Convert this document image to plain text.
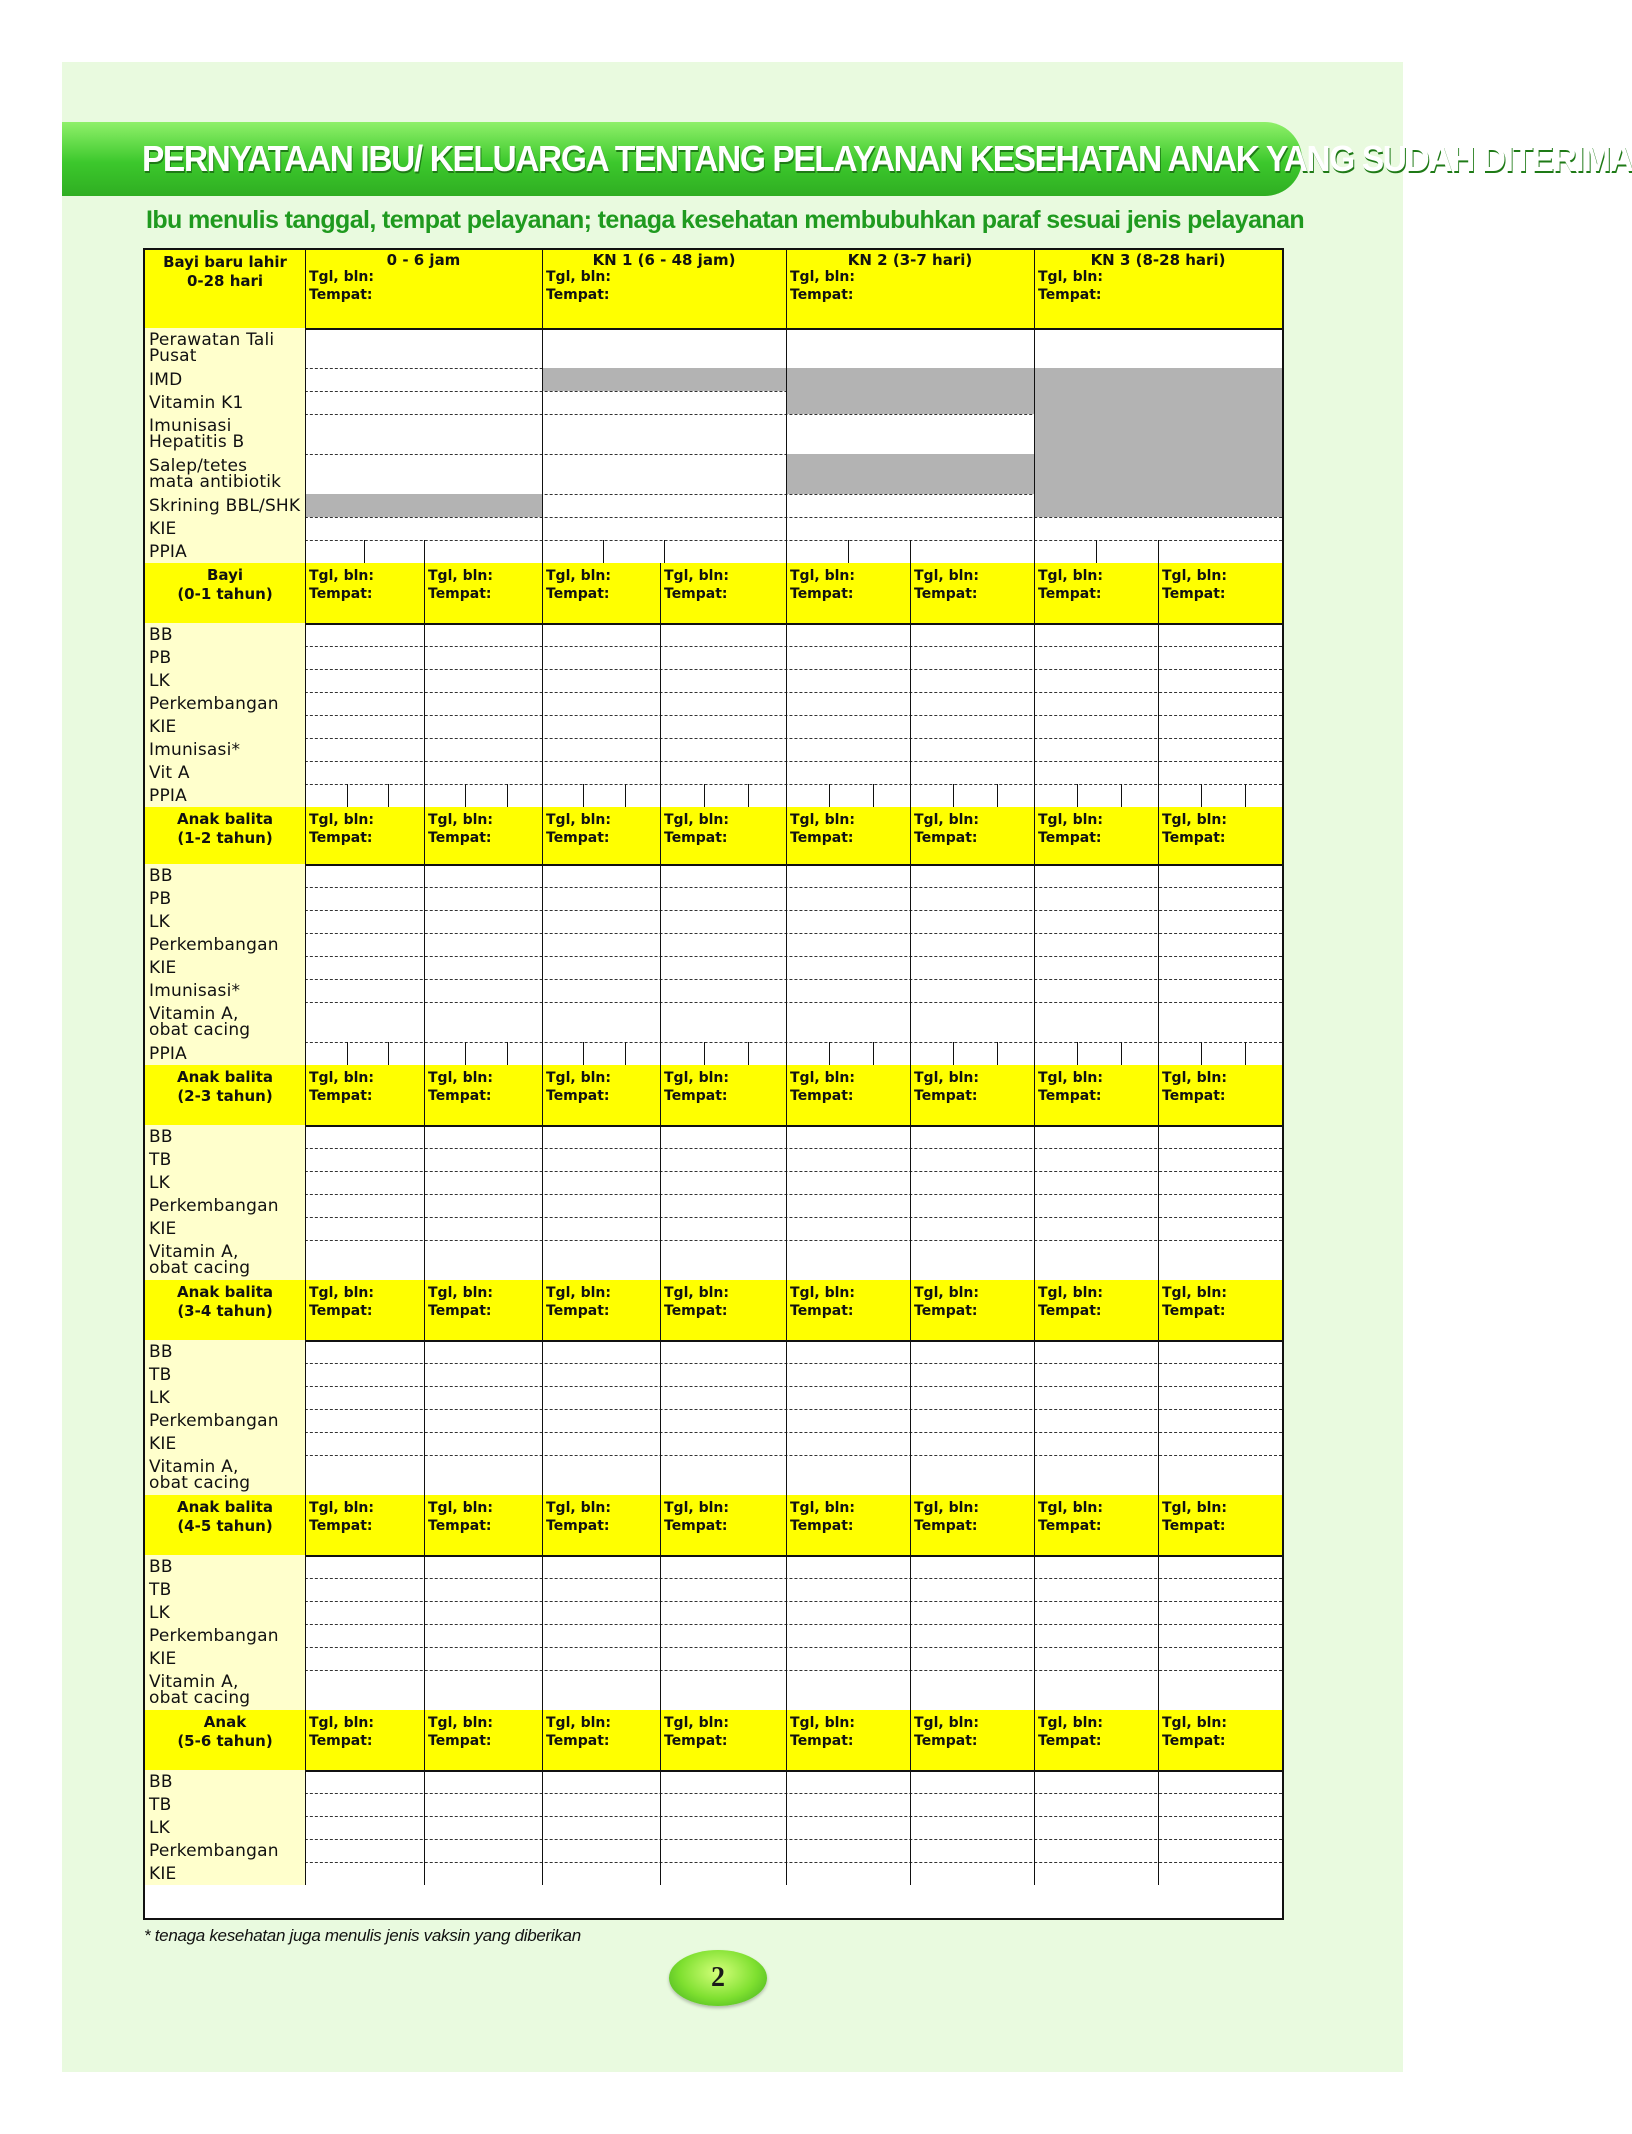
PERNYATAAN IBU/ KELUARGA TENTANG PELAYANAN KESEHATAN ANAK YANG SUDAH DITERIMA
Ibu menulis tanggal, tempat pelayanan; tenaga kesehatan membubuhkan paraf sesuai jenis pelayanan
Bayi baru lahir
0-28 hari
0 - 6 jam
Tgl, bln:
Tempat:
KN 1 (6 - 48 jam)
Tgl, bln:
Tempat:
KN 2 (3-7 hari)
Tgl, bln:
Tempat:
KN 3 (8-28 hari)
Tgl, bln:
Tempat:
Perawatan Tali
Pusat
IMD
Vitamin K1
Imunisasi
Hepatitis B
Salep/tetes
mata antibiotik
Skrining BBL/SHK
KIE
PPIA
Bayi
(0-1 tahun)
Tgl, bln:
Tempat:
Tgl, bln:
Tempat:
Tgl, bln:
Tempat:
Tgl, bln:
Tempat:
Tgl, bln:
Tempat:
Tgl, bln:
Tempat:
Tgl, bln:
Tempat:
Tgl, bln:
Tempat:
BB
PB
LK
Perkembangan
KIE
Imunisasi*
Vit A
PPIA
Anak balita
(1-2 tahun)
Tgl, bln:
Tempat:
Tgl, bln:
Tempat:
Tgl, bln:
Tempat:
Tgl, bln:
Tempat:
Tgl, bln:
Tempat:
Tgl, bln:
Tempat:
Tgl, bln:
Tempat:
Tgl, bln:
Tempat:
BB
PB
LK
Perkembangan
KIE
Imunisasi*
Vitamin A,
obat cacing
PPIA
Anak balita
(2-3 tahun)
Tgl, bln:
Tempat:
Tgl, bln:
Tempat:
Tgl, bln:
Tempat:
Tgl, bln:
Tempat:
Tgl, bln:
Tempat:
Tgl, bln:
Tempat:
Tgl, bln:
Tempat:
Tgl, bln:
Tempat:
BB
TB
LK
Perkembangan
KIE
Vitamin A,
obat cacing
Anak balita
(3-4 tahun)
Tgl, bln:
Tempat:
Tgl, bln:
Tempat:
Tgl, bln:
Tempat:
Tgl, bln:
Tempat:
Tgl, bln:
Tempat:
Tgl, bln:
Tempat:
Tgl, bln:
Tempat:
Tgl, bln:
Tempat:
BB
TB
LK
Perkembangan
KIE
Vitamin A,
obat cacing
Anak balita
(4-5 tahun)
Tgl, bln:
Tempat:
Tgl, bln:
Tempat:
Tgl, bln:
Tempat:
Tgl, bln:
Tempat:
Tgl, bln:
Tempat:
Tgl, bln:
Tempat:
Tgl, bln:
Tempat:
Tgl, bln:
Tempat:
BB
TB
LK
Perkembangan
KIE
Vitamin A,
obat cacing
Anak
(5-6 tahun)
Tgl, bln:
Tempat:
Tgl, bln:
Tempat:
Tgl, bln:
Tempat:
Tgl, bln:
Tempat:
Tgl, bln:
Tempat:
Tgl, bln:
Tempat:
Tgl, bln:
Tempat:
Tgl, bln:
Tempat:
BB
TB
LK
Perkembangan
KIE
* tenaga kesehatan juga menulis jenis vaksin yang diberikan
2
